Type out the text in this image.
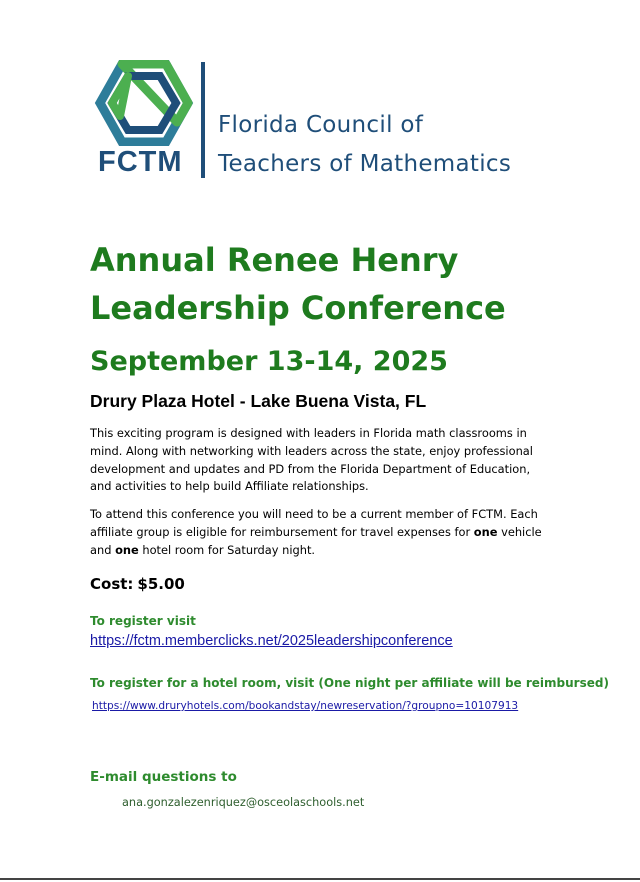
FCTM
Florida Council of
Teachers of Mathematics
Annual Renee Henry
Leadership Conference
September 13-14, 2025
Drury Plaza Hotel - Lake Buena Vista, FL

This exciting program is designed with leaders in Florida math classrooms in mind. Along with networking with leaders across the state, enjoy professional development and updates and PD from the Florida Department of Education, and activities to help build Affiliate relationships.

To attend this conference you will need to be a current member of FCTM. Each affiliate group is eligible for reimbursement for travel expenses for one vehicle and one hotel room for Saturday night.

Cost: $5.00
To register visit
https://fctm.memberclicks.net/2025leadershipconference
To register for a hotel room, visit (One night per affiliate will be reimbursed)
https://www.druryhotels.com/bookandstay/newreservation/?groupno=10107913
E-mail questions to
ana.gonzalezenriquez@osceolaschools.net
